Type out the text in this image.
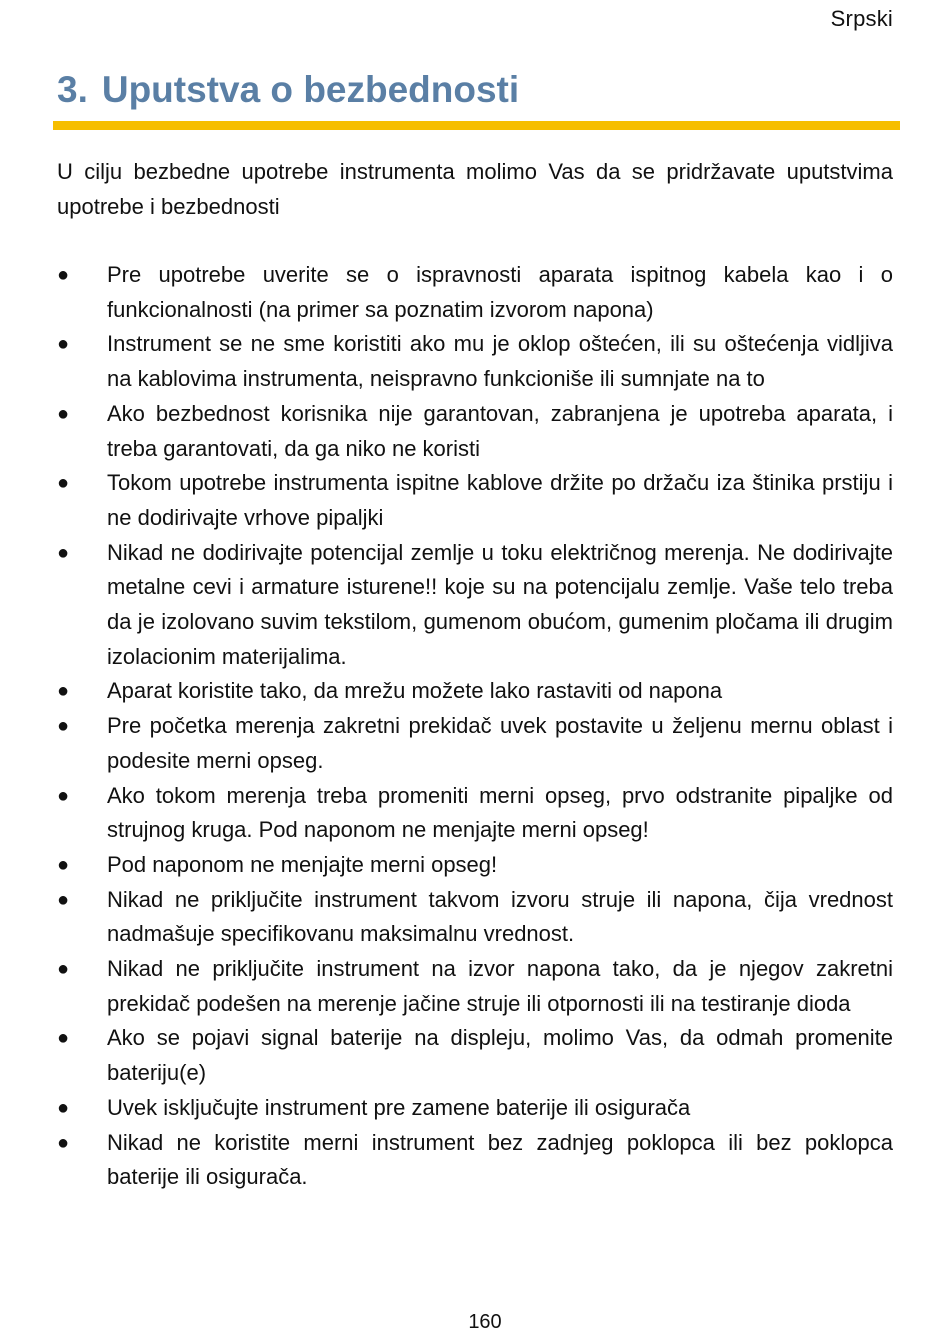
Srpski
3. Uputstva o bezbednosti

U cilju bezbedne upotrebe instrumenta molimo Vas da se pridržavate uputstvima upotrebe i bezbednosti

●	Pre upotrebe uverite se o ispravnosti aparata ispitnog kabela kao i o funkcionalnosti (na primer sa poznatim izvorom napona)
●	Instrument se ne sme koristiti ako mu je oklop oštećen, ili su oštećenja vidljiva na kablovima instrumenta, neispravno funkcioniše ili sumnjate na to
●	Ako bezbednost korisnika nije garantovan, zabranjena je upotreba aparata, i treba garantovati, da ga niko ne koristi
●	Tokom upotrebe instrumenta ispitne kablove držite po držaču iza štinika prstiju i ne dodirivajte vrhove pipaljki
●	Nikad ne dodirivajte potencijal zemlje u toku električnog merenja. Ne dodirivajte metalne cevi i armature isturene!! koje su na potencijalu zemlje. Vaše telo treba da je izolovano suvim tekstilom, gumenom obućom, gumenim pločama ili drugim izolacionim materijalima.
●	Aparat koristite tako, da mrežu možete lako rastaviti od napona
●	Pre početka merenja zakretni prekidač uvek postavite u željenu mernu oblast i podesite merni opseg.
●	Ako tokom merenja treba promeniti merni opseg, prvo odstranite pipaljke od strujnog kruga. Pod naponom ne menjajte merni opseg!
●	Pod naponom ne menjajte merni opseg!
●	Nikad ne priključite instrument takvom izvoru struje ili napona, čija vrednost nadmašuje specifikovanu maksimalnu vrednost.
●	Nikad ne priključite instrument na izvor napona tako, da je njegov zakretni prekidač podešen na merenje jačine struje ili otpornosti ili na testiranje dioda
●	Ako se pojavi signal baterije na displeju, molimo Vas, da odmah promenite bateriju(e)
●	Uvek isključujte instrument pre zamene baterije ili osigurača
●	Nikad ne koristite merni instrument bez zadnjeg poklopca ili bez poklopca baterije ili osigurača.
160
